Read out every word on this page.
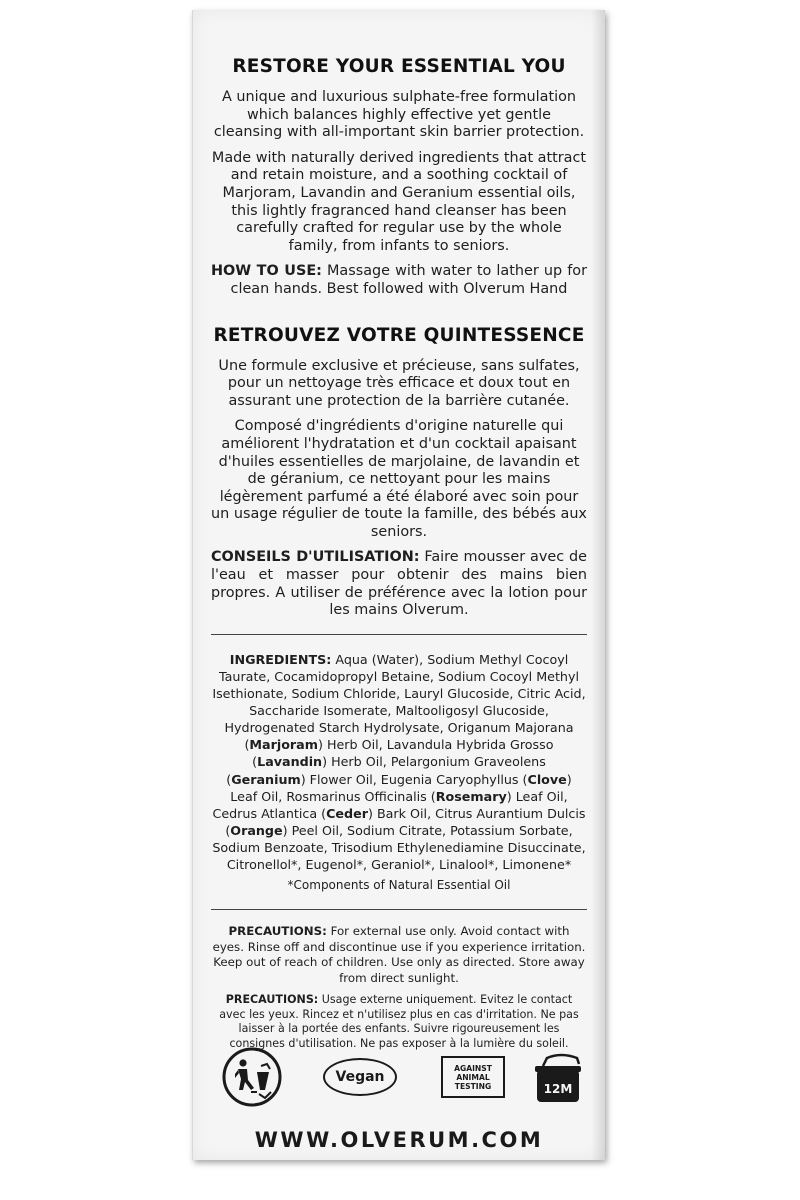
RESTORE YOUR ESSENTIAL YOU

A unique and luxurious sulphate-free formulation which balances highly effective yet gentle cleansing with all-important skin barrier protection.

Made with naturally derived ingredients that attract and retain moisture, and a soothing cocktail of Marjoram, Lavandin and Geranium essential oils, this lightly fragranced hand cleanser has been carefully crafted for regular use by the whole family, from infants to seniors.

HOW TO USE: Massage with water to lather up for clean hands. Best followed with Olverum Hand

RETROUVEZ VOTRE QUINTESSENCE

Une formule exclusive et précieuse, sans sulfates, pour un nettoyage très efficace et doux tout en assurant une protection de la barrière cutanée.

Composé d'ingrédients d'origine naturelle qui améliorent l'hydratation et d'un cocktail apaisant d'huiles essentielles de marjolaine, de lavandin et de géranium, ce nettoyant pour les mains légèrement parfumé a été élaboré avec soin pour un usage régulier de toute la famille, des bébés aux seniors.

CONSEILS D'UTILISATION: Faire mousser avec de l'eau et masser pour obtenir des mains bien propres. A utiliser de préférence avec la lotion pour les mains Olverum.

INGREDIENTS: Aqua (Water), Sodium Methyl Cocoyl Taurate, Cocamidopropyl Betaine, Sodium Cocoyl Methyl Isethionate, Sodium Chloride, Lauryl Glucoside, Citric Acid, Saccharide Isomerate, Maltooligosyl Glucoside, Hydrogenated Starch Hydrolysate, Origanum Majorana (Marjoram) Herb Oil, Lavandula Hybrida Grosso (Lavandin) Herb Oil, Pelargonium Graveolens (Geranium) Flower Oil, Eugenia Caryophyllus (Clove) Leaf Oil, Rosmarinus Officinalis (Rosemary) Leaf Oil, Cedrus Atlantica (Ceder) Bark Oil, Citrus Aurantium Dulcis (Orange) Peel Oil, Sodium Citrate, Potassium Sorbate, Sodium Benzoate, Trisodium Ethylenediamine Disuccinate, Citronellol*, Eugenol*, Geraniol*, Linalool*, Limonene*

*Components of Natural Essential Oil

PRECAUTIONS: For external use only. Avoid contact with eyes. Rinse off and discontinue use if you experience irritation. Keep out of reach of children. Use only as directed. Store away from direct sunlight.

PRECAUTIONS: Usage externe uniquement. Evitez le contact avec les yeux. Rincez et n'utilisez plus en cas d'irritation. Ne pas laisser à la portée des enfants. Suivre rigoureusement les consignes d'utilisation. Ne pas exposer à la lumière du soleil.

Vegan
AGAINST
ANIMAL
TESTING	12M
WWW.OLVERUM.COM
